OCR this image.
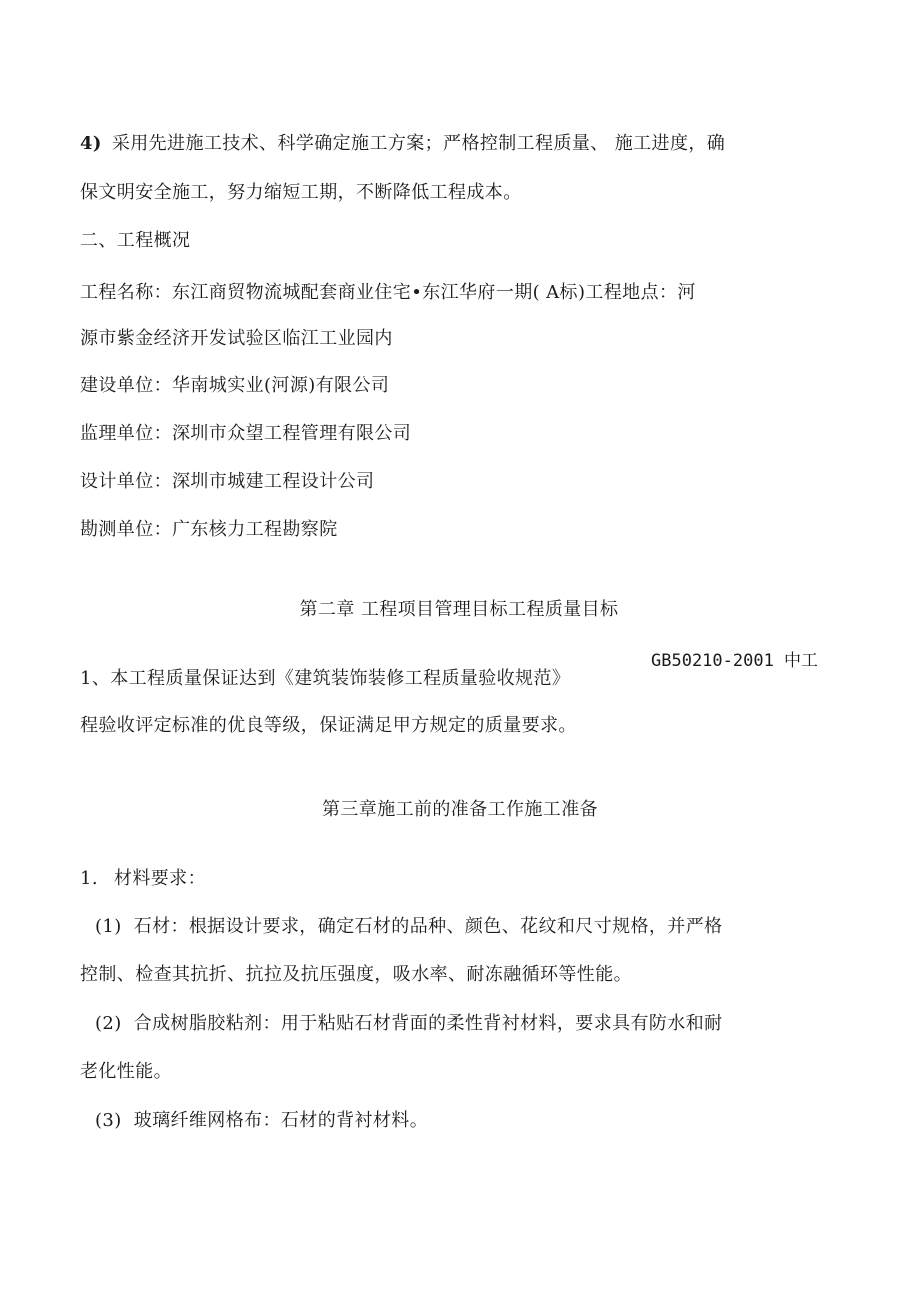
4) 采用先进施工技术、科学确定施工方案；严格控制工程质量、 施工进度，确
保文明安全施工，努力缩短工期，不断降低工程成本。
二、工程概况
工程名称：东江商贸物流城配套商业住宅•东江华府一期( A标)工程地点：河
源市紫金经济开发试验区临江工业园内
建设单位：华南城实业(河源)有限公司
监理单位：深圳市众望工程管理有限公司
设计单位：深圳市城建工程设计公司
勘测单位：广东核力工程勘察院
第二章 工程项目管理目标工程质量目标
GB50210-2001 中工
1、本工程质量保证达到《建筑装饰装修工程质量验收规范》
程验收评定标准的优良等级，保证满足甲方规定的质量要求。
第三章施工前的准备工作施工准备
1. 材料要求：
(1) 石材：根据设计要求，确定石材的品种、颜色、花纹和尺寸规格，并严格
控制、检查其抗折、抗拉及抗压强度，吸水率、耐冻融循环等性能。
(2) 合成树脂胶粘剂：用于粘贴石材背面的柔性背衬材料，要求具有防水和耐
老化性能。
(3) 玻璃纤维网格布：石材的背衬材料。
